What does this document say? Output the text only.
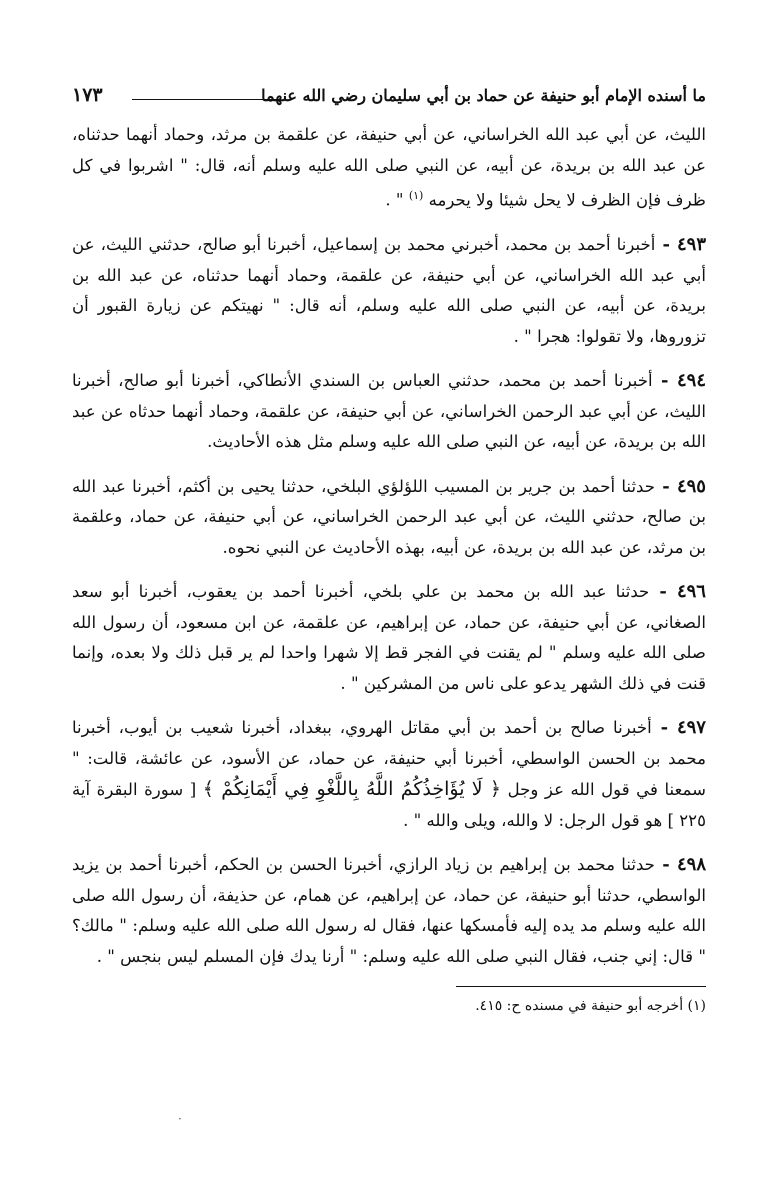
ما أسنده الإمام أبو حنيفة عن حماد بن أبي سليمان رضي الله عنهما
١٧٣

الليث، عن أبي عبد الله الخراساني، عن أبي حنيفة، عن علقمة بن مرثد، وحماد أنهما حدثناه، عن عبد الله بن بريدة، عن أبيه، عن النبي صلى الله عليه وسلم أنه، قال: " اشربوا في كل ظرف فإن الظرف لا يحل شيئا ولا يحرمه $^{(١)}$ " .

٤٩٣ - أخبرنا أحمد بن محمد، أخبرني محمد بن إسماعيل، أخبرنا أبو صالح، حدثني الليث، عن أبي عبد الله الخراساني، عن أبي حنيفة، عن علقمة، وحماد أنهما حدثناه، عن عبد الله بن بريدة، عن أبيه، عن النبي صلى الله عليه وسلم، أنه قال: " نهيتكم عن زيارة القبور أن تزوروها، ولا تقولوا: هجرا " .

٤٩٤ - أخبرنا أحمد بن محمد، حدثني العباس بن السندي الأنطاكي، أخبرنا أبو صالح، أخبرنا الليث، عن أبي عبد الرحمن الخراساني، عن أبي حنيفة، عن علقمة، وحماد أنهما حدثاه عن عبد الله بن بريدة، عن أبيه، عن النبي صلى الله عليه وسلم مثل هذه الأحاديث.

٤٩٥ - حدثنا أحمد بن جرير بن المسيب اللؤلؤي البلخي، حدثنا يحيى بن أكثم، أخبرنا عبد الله بن صالح، حدثني الليث، عن أبي عبد الرحمن الخراساني، عن أبي حنيفة، عن حماد، وعلقمة بن مرثد، عن عبد الله بن بريدة، عن أبيه، بهذه الأحاديث عن النبي نحوه.

٤٩٦ - حدثنا عبد الله بن محمد بن علي بلخي، أخبرنا أحمد بن يعقوب، أخبرنا أبو سعد الصغاني، عن أبي حنيفة، عن حماد، عن إبراهيم، عن علقمة، عن ابن مسعود، أن رسول الله صلى الله عليه وسلم " لم يقنت في الفجر قط إلا شهرا واحدا لم ير قبل ذلك ولا بعده، وإنما قنت في ذلك الشهر يدعو على ناس من المشركين " .

٤٩٧ - أخبرنا صالح بن أحمد بن أبي مقاتل الهروي، ببغداد، أخبرنا شعيب بن أيوب، أخبرنا محمد بن الحسن الواسطي، أخبرنا أبي حنيفة، عن حماد، عن الأسود، عن عائشة، قالت: " سمعنا في قول الله عز وجل ﴿ لَا يُؤَاخِذُكُمُ اللَّهُ بِاللَّغْوِ فِي أَيْمَانِكُمْ ﴾ [ سورة البقرة آية ٢٢٥ ] هو قول الرجل: لا والله، ويلى والله " .

٤٩٨ - حدثنا محمد بن إبراهيم بن زياد الرازي، أخبرنا الحسن بن الحكم، أخبرنا أحمد بن يزيد الواسطي، حدثنا أبو حنيفة، عن حماد، عن إبراهيم، عن همام، عن حذيفة، أن رسول الله صلى الله عليه وسلم مد يده إليه فأمسكها عنها، فقال له رسول الله صلى الله عليه وسلم: " مالك؟ " قال: إني جنب، فقال النبي صلى الله عليه وسلم: " أرنا يدك فإن المسلم ليس بنجس " .

(١) أخرجه أبو حنيفة في مسنده ح: ٤١٥.

·
